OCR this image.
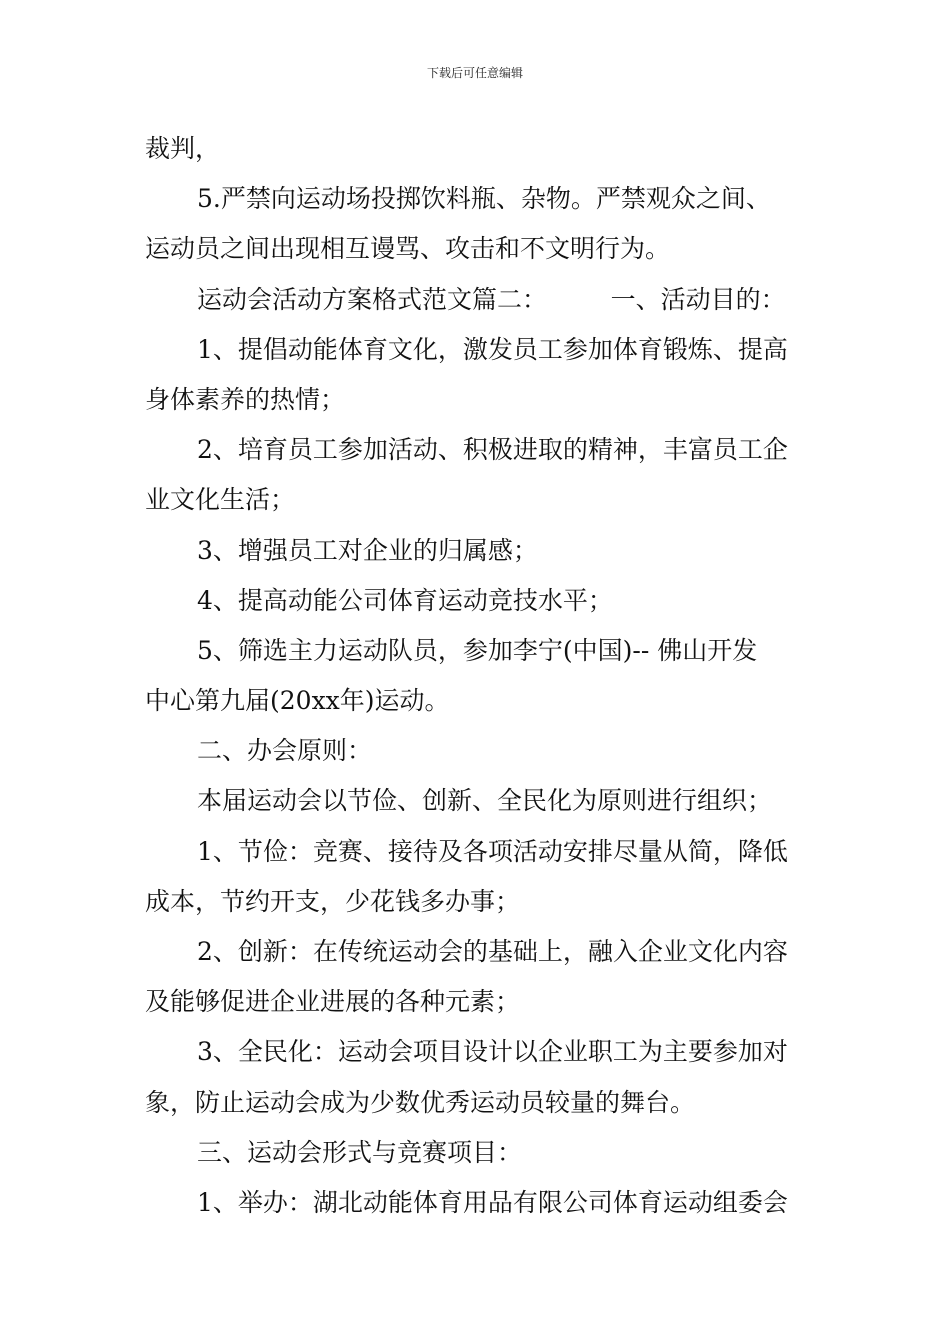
下载后可任意编辑
裁判，
5.严禁向运动场投掷饮料瓶、杂物。严禁观众之间、
运动员之间出现相互谩骂、攻击和不文明行为。
运动会活动方案格式范文篇二：        一、活动目的：
1、提倡动能体育文化，激发员工参加体育锻炼、提高
身体素养的热情；
2、培育员工参加活动、积极进取的精神，丰富员工企
业文化生活；
3、增强员工对企业的归属感；
4、提高动能公司体育运动竞技水平；
5、筛选主力运动队员，参加李宁(中国)-- 佛山开发
中心第九届(20xx年)运动。
二、办会原则：
本届运动会以节俭、创新、全民化为原则进行组织；
1、节俭：竞赛、接待及各项活动安排尽量从简，降低
成本，节约开支，少花钱多办事；
2、创新：在传统运动会的基础上，融入企业文化内容
及能够促进企业进展的各种元素；
3、全民化：运动会项目设计以企业职工为主要参加对
象，防止运动会成为少数优秀运动员较量的舞台。
三、运动会形式与竞赛项目：
1、举办：湖北动能体育用品有限公司体育运动组委会
